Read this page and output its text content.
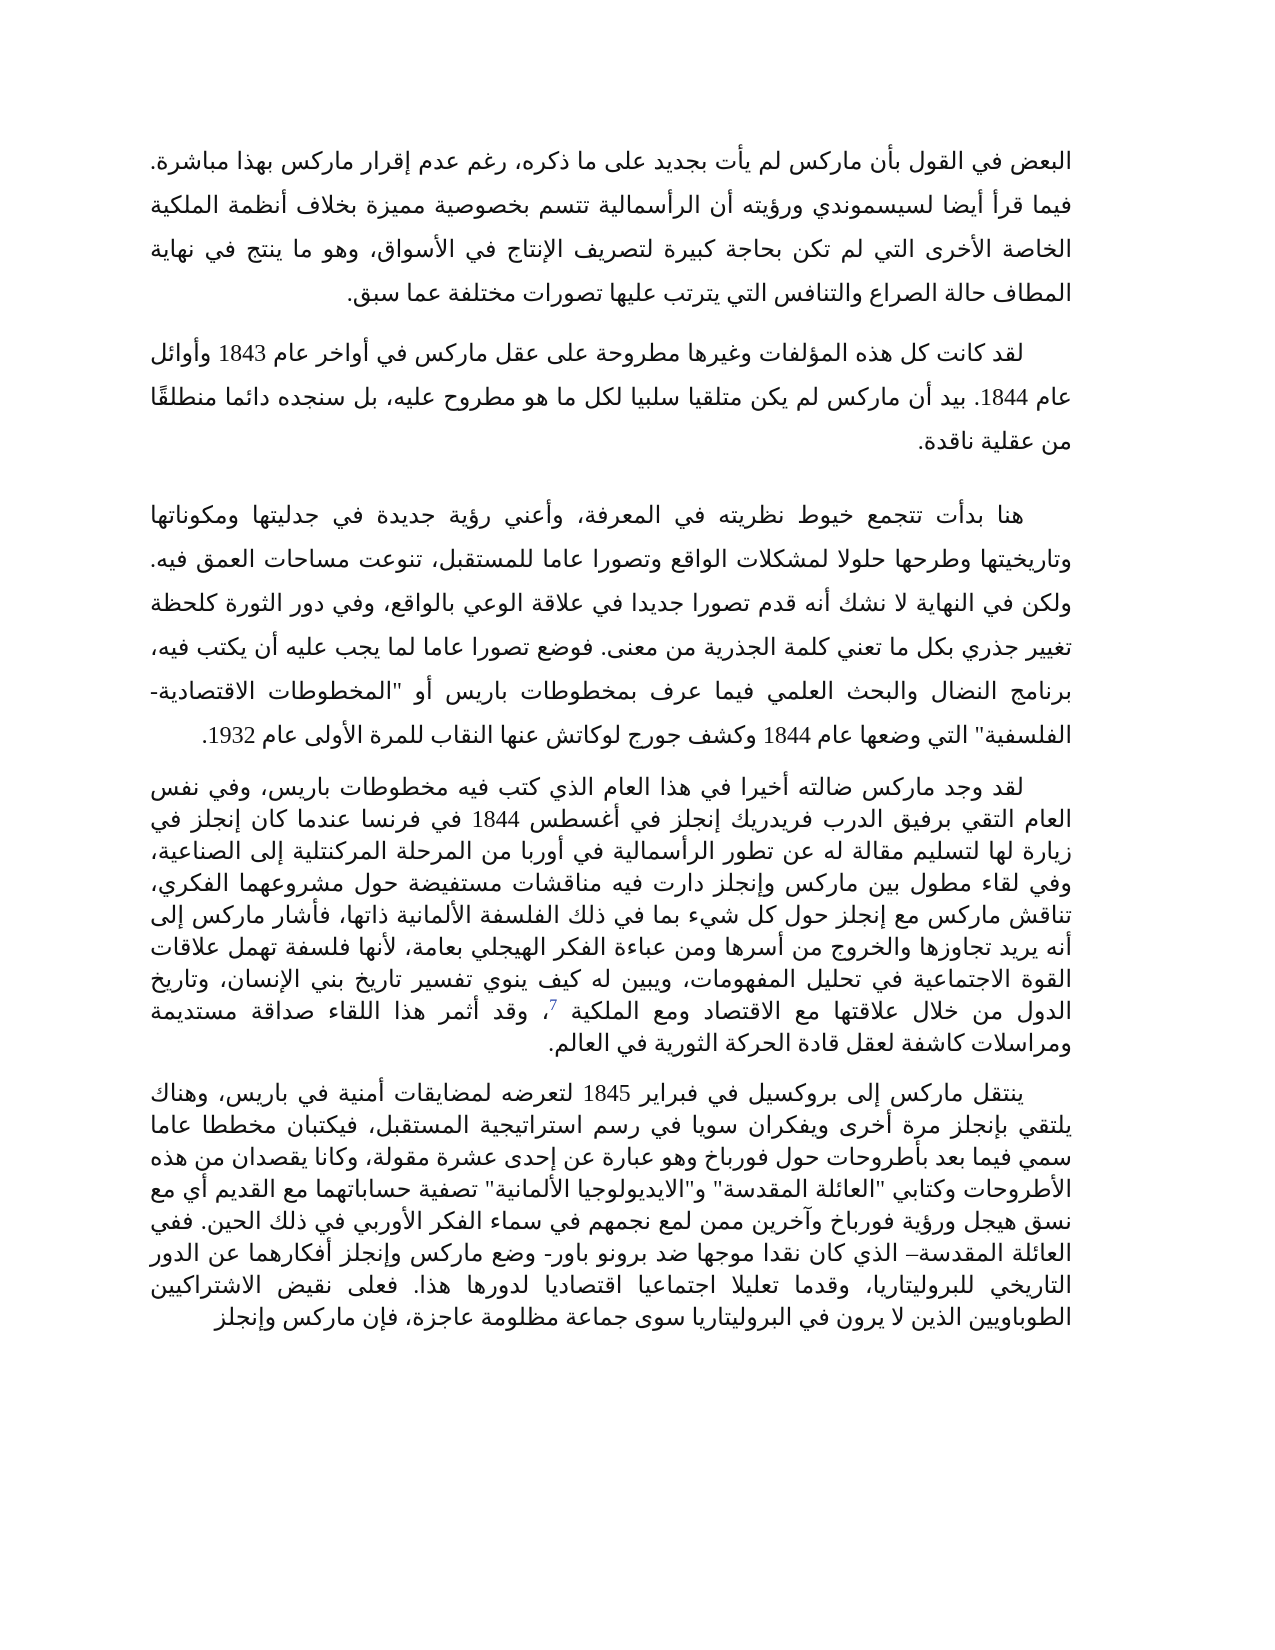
البعض في القول بأن ماركس لم يأت بجديد على ما ذكره، رغم عدم إقرار ماركس بهذا مباشرة. فيما قرأ أيضا لسيسموندي ورؤيته أن الرأسمالية تتسم بخصوصية مميزة بخلاف أنظمة الملكية الخاصة الأخرى التي لم تكن بحاجة كبيرة لتصريف الإنتاج في الأسواق، وهو ما ينتج في نهاية المطاف حالة الصراع والتنافس التي يترتب عليها تصورات مختلفة عما سبق.

لقد كانت كل هذه المؤلفات وغيرها مطروحة على عقل ماركس في أواخر عام 1843 وأوائل عام 1844. بيد أن ماركس لم يكن متلقيا سلبيا لكل ما هو مطروح عليه، بل سنجده دائما منطلقًا من عقلية ناقدة.

هنا بدأت تتجمع خيوط نظريته في المعرفة، وأعني رؤية جديدة في جدليتها ومكوناتها وتاريخيتها وطرحها حلولا لمشكلات الواقع وتصورا عاما للمستقبل، تنوعت مساحات العمق فيه. ولكن في النهاية لا نشك أنه قدم تصورا جديدا في علاقة الوعي بالواقع، وفي دور الثورة كلحظة تغيير جذري بكل ما تعني كلمة الجذرية من معنى. فوضع تصورا عاما لما يجب عليه أن يكتب فيه، برنامج النضال والبحث العلمي فيما عرف بمخطوطات باريس أو "المخطوطات الاقتصادية-الفلسفية" التي وضعها عام 1844 وكشف جورج لوكاتش عنها النقاب للمرة الأولى عام 1932.

لقد وجد ماركس ضالته أخيرا في هذا العام الذي كتب فيه مخطوطات باريس، وفي نفس العام التقي برفيق الدرب فريدريك إنجلز في أغسطس 1844 في فرنسا عندما كان إنجلز في زيارة لها لتسليم مقالة له عن تطور الرأسمالية في أوربا من المرحلة المركنتلية إلى الصناعية، وفي لقاء مطول بين ماركس وإنجلز دارت فيه مناقشات مستفيضة حول مشروعهما الفكري، تناقش ماركس مع إنجلز حول كل شيء بما في ذلك الفلسفة الألمانية ذاتها، فأشار ماركس إلى أنه يريد تجاوزها والخروج من أسرها ومن عباءة الفكر الهيجلي بعامة، لأنها فلسفة تهمل علاقات القوة الاجتماعية في تحليل المفهومات، ويبين له كيف ينوي تفسير تاريخ بني الإنسان، وتاريخ الدول من خلال علاقتها مع الاقتصاد ومع الملكية $^7$، وقد أثمر هذا اللقاء صداقة مستديمة ومراسلات كاشفة لعقل قادة الحركة الثورية في العالم.

ينتقل ماركس إلى بروكسيل في فبراير 1845 لتعرضه لمضايقات أمنية في باريس، وهناك يلتقي بإنجلز مرة أخرى ويفكران سويا في رسم استراتيجية المستقبل، فيكتبان مخططا عاما سمي فيما بعد بأطروحات حول فورباخ وهو عبارة عن إحدى عشرة مقولة، وكانا يقصدان من هذه الأطروحات وكتابي "العائلة المقدسة" و"الايديولوجيا الألمانية" تصفية حساباتهما مع القديم أي مع نسق هيجل ورؤية فورباخ وآخرين ممن لمع نجمهم في سماء الفكر الأوربي في ذلك الحين. ففي العائلة المقدسة– الذي كان نقدا موجها ضد برونو باور- وضع ماركس وإنجلز أفكارهما عن الدور التاريخي للبروليتاريا، وقدما تعليلا اجتماعيا اقتصاديا لدورها هذا. فعلى نقيض الاشتراكيين الطوباويين الذين لا يرون في البروليتاريا سوى جماعة مظلومة عاجزة، فإن ماركس وإنجلز
